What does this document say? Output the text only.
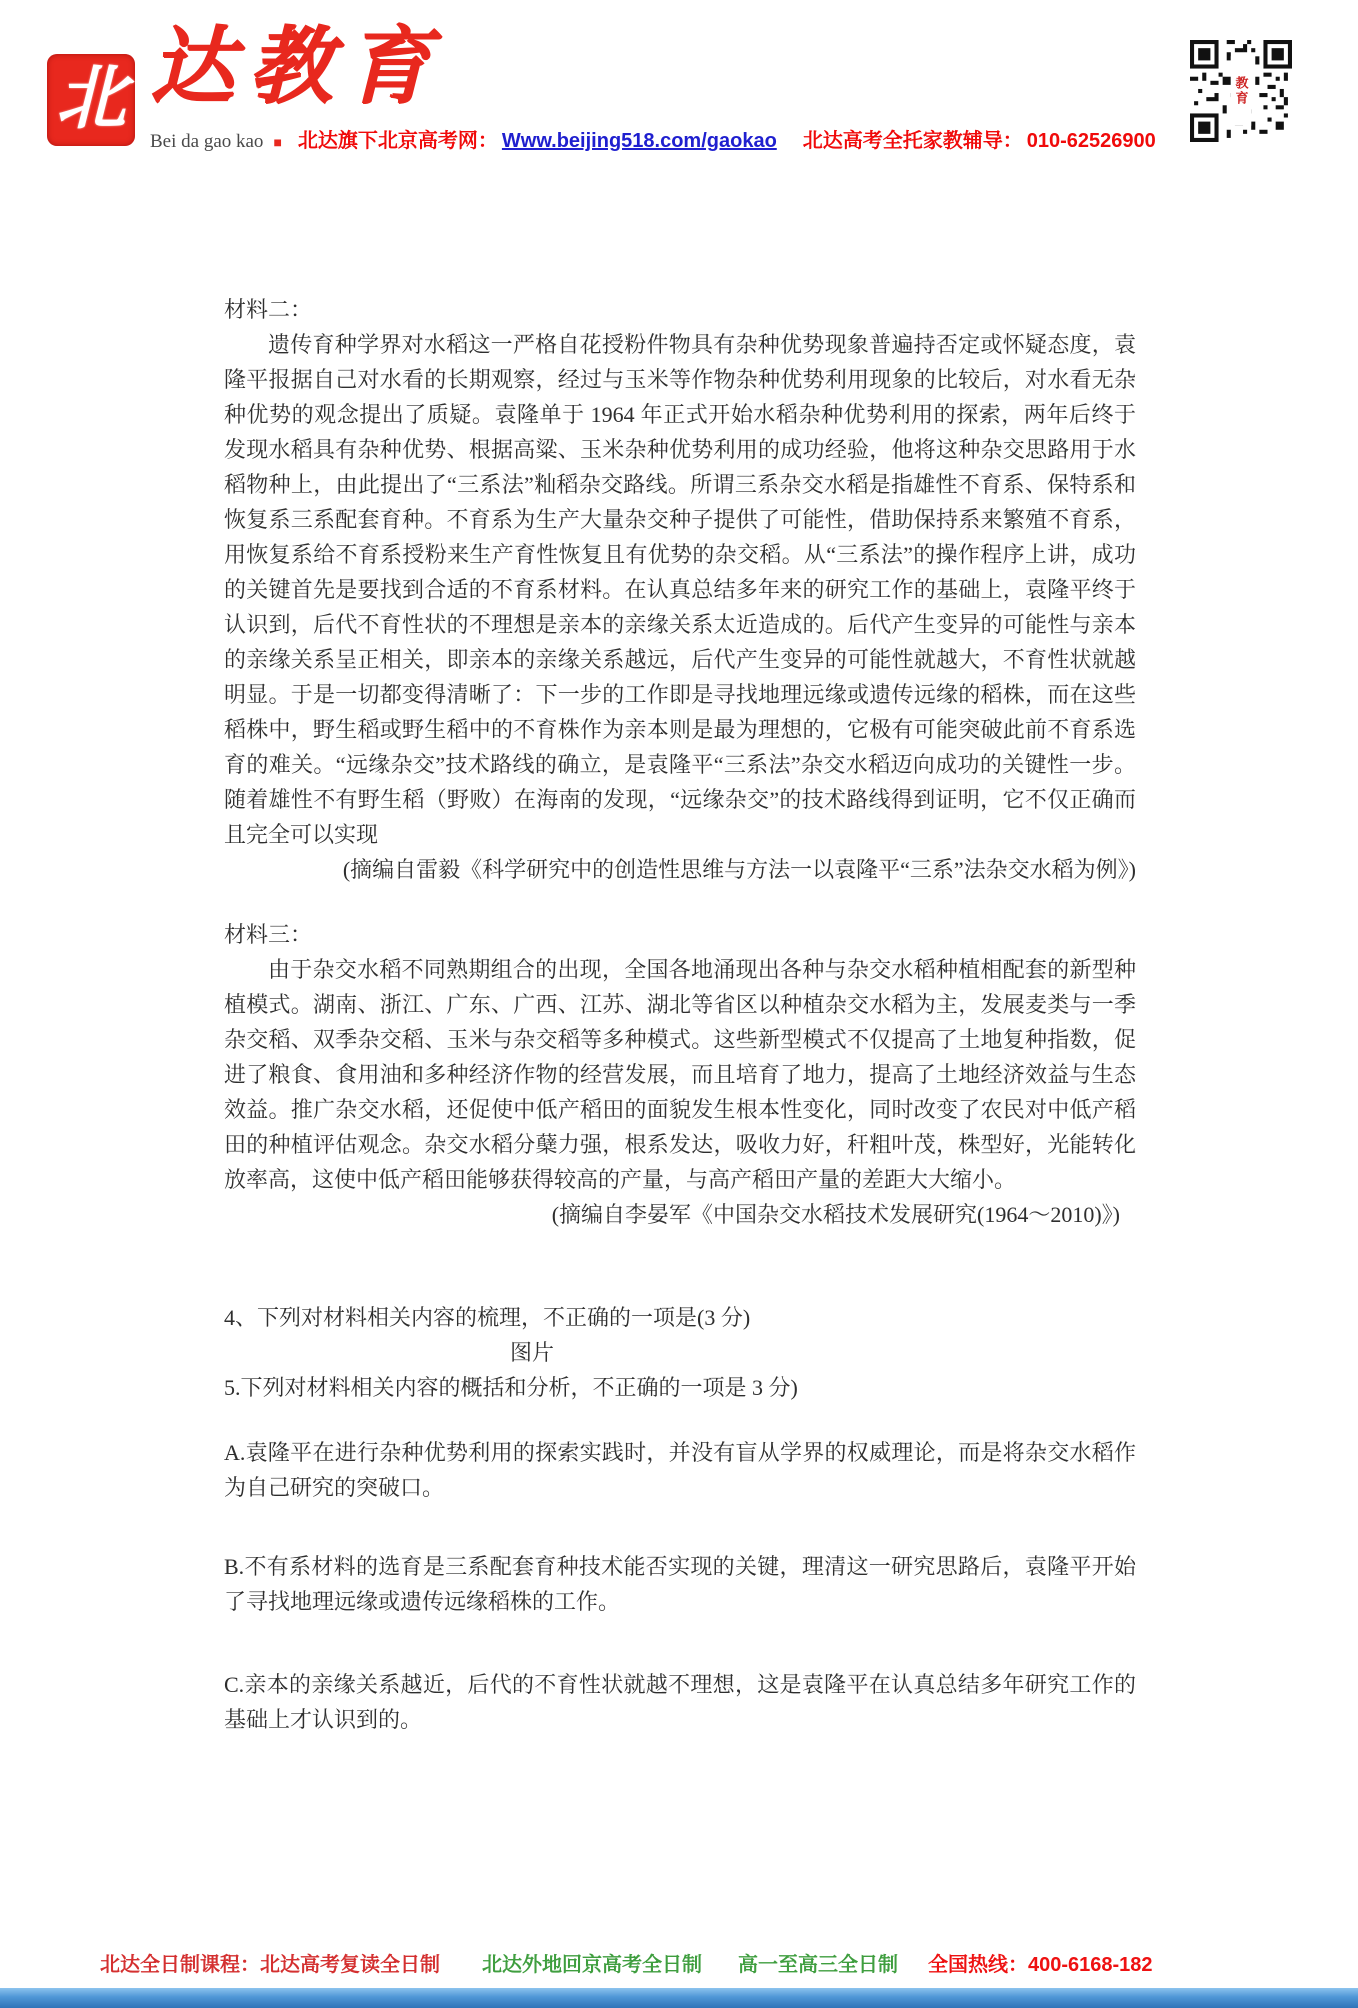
北 达教育
Bei da gao kao ■ 北达旗下北京高考网： Www.beijing518.com/gaokao 北达高考全托家教辅导： 010-62526900
教育
材料二：

遗传育种学界对水稻这一严格自花授粉件物具有杂种优势现象普遍持否定或怀疑态度，袁隆平报据自己对水看的长期观察，经过与玉米等作物杂种优势利用现象的比较后，对水看无杂种优势的观念提出了质疑。袁隆单于 1964 年正式开始水稻杂种优势利用的探索，两年后终于发现水稻具有杂种优势、根据高粱、玉米杂种优势利用的成功经验，他将这种杂交思路用于水稻物种上，由此提出了“三系法”籼稻杂交路线。所谓三系杂交水稻是指雄性不育系、保特系和恢复系三系配套育种。不育系为生产大量杂交种子提供了可能性，借助保持系来繁殖不育系，用恢复系给不育系授粉来生产育性恢复且有优势的杂交稻。从“三系法”的操作程序上讲，成功的关键首先是要找到合适的不育系材料。在认真总结多年来的研究工作的基础上，袁隆平终于认识到，后代不育性状的不理想是亲本的亲缘关系太近造成的。后代产生变异的可能性与亲本的亲缘关系呈正相关，即亲本的亲缘关系越远，后代产生变异的可能性就越大，不育性状就越明显。于是一切都变得清晰了：下一步的工作即是寻找地理远缘或遗传远缘的稻株，而在这些稻株中，野生稻或野生稻中的不育株作为亲本则是最为理想的，它极有可能突破此前不育系选育的难关。“远缘杂交”技术路线的确立，是袁隆平“三系法”杂交水稻迈向成功的关键性一步。随着雄性不有野生稻（野败）在海南的发现，“远缘杂交”的技术路线得到证明，它不仅正确而且完全可以实现

(摘编自雷毅《科学研究中的创造性思维与方法一以袁隆平“三系”法杂交水稻为例》)

材料三：

由于杂交水稻不同熟期组合的出现，全国各地涌现出各种与杂交水稻种植相配套的新型种植模式。湖南、浙江、广东、广西、江苏、湖北等省区以种植杂交水稻为主，发展麦类与一季杂交稻、双季杂交稻、玉米与杂交稻等多种模式。这些新型模式不仅提高了土地复种指数，促进了粮食、食用油和多种经济作物的经营发展，而且培育了地力，提高了土地经济效益与生态效益。推广杂交水稻，还促使中低产稻田的面貌发生根本性变化，同时改变了农民对中低产稻田的种植评估观念。杂交水稻分蘖力强，根系发达，吸收力好，秆粗叶茂，株型好，光能转化放率高，这使中低产稻田能够获得较高的产量，与高产稻田产量的差距大大缩小。

(摘编自李晏军《中国杂交水稻技术发展研究(1964～2010)》)

4、下列对材料相关内容的梳理，不正确的一项是(3 分)
图片
5.下列对材料相关内容的概括和分析，不正确的一项是 3 分)

A.袁隆平在进行杂种优势利用的探索实践时，并没有盲从学界的权威理论，而是将杂交水稻作为自己研究的突破口。

B.不有系材料的选育是三系配套育种技术能否实现的关键，理清这一研究思路后，袁隆平开始了寻找地理远缘或遗传远缘稻株的工作。

C.亲本的亲缘关系越近，后代的不育性状就越不理想，这是袁隆平在认真总结多年研究工作的基础上才认识到的。

北达全日制课程：北达高考复读全日制 北达外地回京高考全日制 高一至高三全日制 全国热线：400-6168-182
